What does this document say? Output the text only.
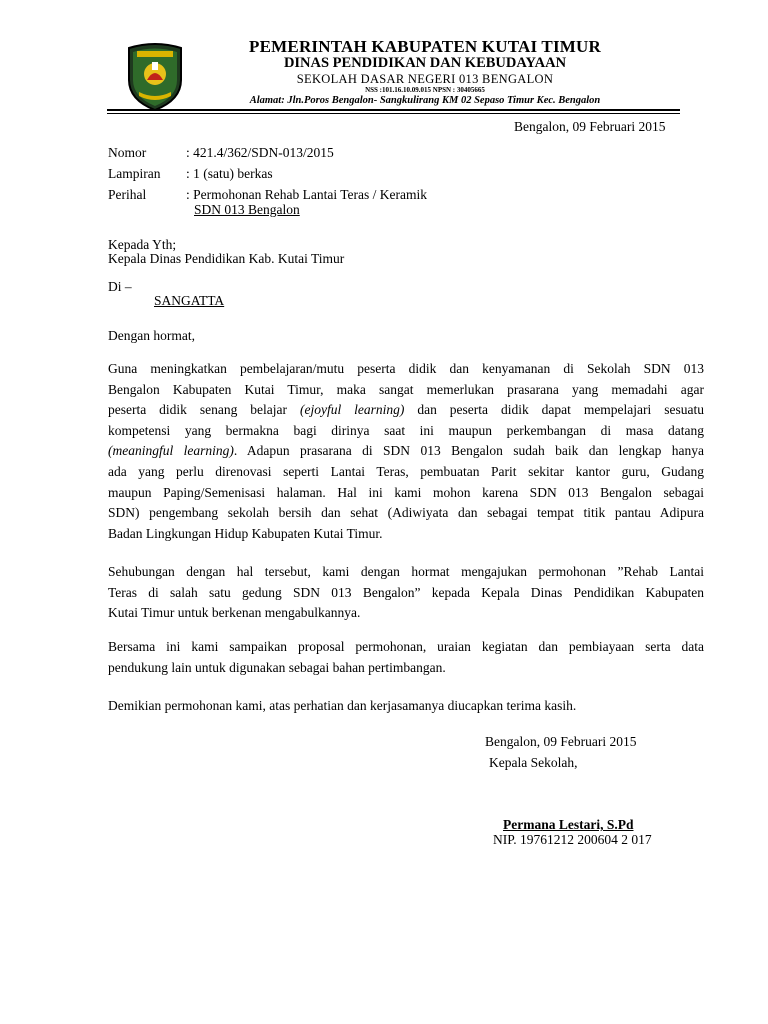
PEMERINTAH KABUPATEN KUTAI TIMUR
DINAS PENDIDIKAN DAN KEBUDAYAAN
SEKOLAH DASAR NEGERI 013 BENGALON
NSS :101.16.10.09.015 NPSN : 30405665
Alamat: Jln.Poros Bengalon- Sangkulirang KM 02 Sepaso Timur Kec. Bengalon
Bengalon, 09 Februari 2015
Nomor	: 421.4/362/SDN-013/2015
Lampiran : 1 (satu) berkas
Perihal	: Permohonan Rehab Lantai Teras / Keramik
SDN 013 Bengalon
Kepada Yth;
Kepala Dinas Pendidikan Kab. Kutai Timur
Di –
SANGATTA
Dengan hormat,
Guna meningkatkan pembelajaran/mutu peserta didik dan kenyamanan di Sekolah SDN 013
Bengalon Kabupaten Kutai Timur, maka sangat memerlukan prasarana yang memadahi agar
peserta didik senang belajar (ejoyful learning) dan peserta didik dapat mempelajari sesuatu
kompetensi yang bermakna bagi dirinya saat ini maupun perkembangan di masa datang
(meaningful learning). Adapun prasarana di SDN 013 Bengalon sudah baik dan lengkap hanya
ada yang perlu direnovasi seperti Lantai Teras, pembuatan Parit sekitar kantor guru, Gudang
maupun Paping/Semenisasi halaman. Hal ini kami mohon karena SDN 013 Bengalon sebagai
SDN) pengembang sekolah bersih dan sehat (Adiwiyata dan sebagai tempat titik pantau Adipura
Badan Lingkungan Hidup Kabupaten Kutai Timur.
Sehubungan dengan hal tersebut, kami dengan hormat mengajukan permohonan ”Rehab Lantai
Teras di salah satu gedung SDN 013 Bengalon” kepada Kepala Dinas Pendidikan Kabupaten
Kutai Timur untuk berkenan mengabulkannya.
Bersama ini kami sampaikan proposal permohonan, uraian kegiatan dan pembiayaan serta data
pendukung lain untuk digunakan sebagai bahan pertimbangan.
Demikian permohonan kami, atas perhatian dan kerjasamanya diucapkan terima kasih.
Bengalon, 09 Februari 2015
Kepala Sekolah,
Permana Lestari, S.Pd
NIP. 19761212 200604 2 017
